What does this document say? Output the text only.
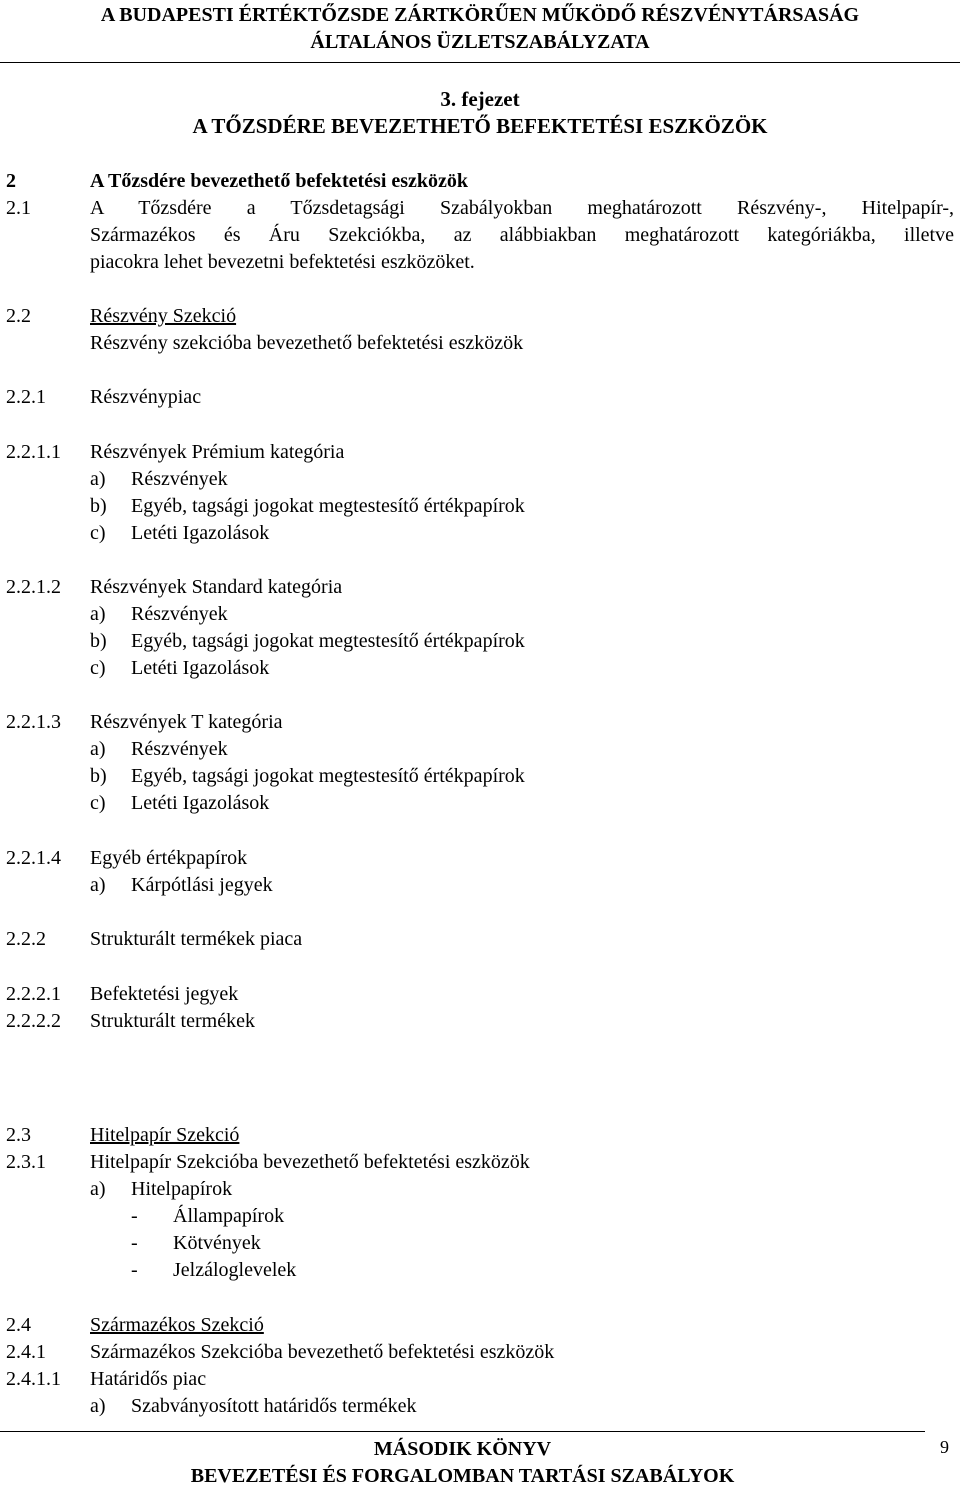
A BUDAPESTI ÉRTÉKTŐZSDE ZÁRTKÖRŰEN MŰKÖDŐ RÉSZVÉNYTÁRSASÁG
ÁLTALÁNOS ÜZLETSZABÁLYZATA
3. fejezet
A TŐZSDÉRE BEVEZETHETŐ BEFEKTETÉSI ESZKÖZÖK
2	A Tőzsdére bevezethető befektetési eszközök
2.1	A Tőzsdére a Tőzsdetagsági Szabályokban meghatározott Részvény-, Hitelpapír-,
Származékos és Áru Szekciókba, az alábbiakban meghatározott kategóriákba, illetve
piacokra lehet bevezetni befektetési eszközöket.
2.2	Részvény Szekció
Részvény szekcióba bevezethető befektetési eszközök
2.2.1 Részvénypiac
2.2.1.1 Részvények Prémium kategória
a) Részvények
b) Egyéb, tagsági jogokat megtestesítő értékpapírok
c) Letéti Igazolások
2.2.1.2 Részvények Standard kategória
a) Részvények
b) Egyéb, tagsági jogokat megtestesítő értékpapírok
c) Letéti Igazolások
2.2.1.3 Részvények T kategória
a) Részvények
b) Egyéb, tagsági jogokat megtestesítő értékpapírok
c) Letéti Igazolások
2.2.1.4 Egyéb értékpapírok
a) Kárpótlási jegyek
2.2.2 Strukturált termékek piaca
2.2.2.1 Befektetési jegyek
2.2.2.2 Strukturált termékek
2.3	Hitelpapír Szekció
2.3.1 Hitelpapír Szekcióba bevezethető befektetési eszközök
a) Hitelpapírok
- Állampapírok
- Kötvények
- Jelzáloglevelek
2.4	Származékos Szekció
2.4.1 Származékos Szekcióba bevezethető befektetési eszközök
2.4.1.1 Határidős piac
a) Szabványosított határidős termékek
MÁSODIK KÖNYV
BEVEZETÉSI ÉS FORGALOMBAN TARTÁSI SZABÁLYOK
9
